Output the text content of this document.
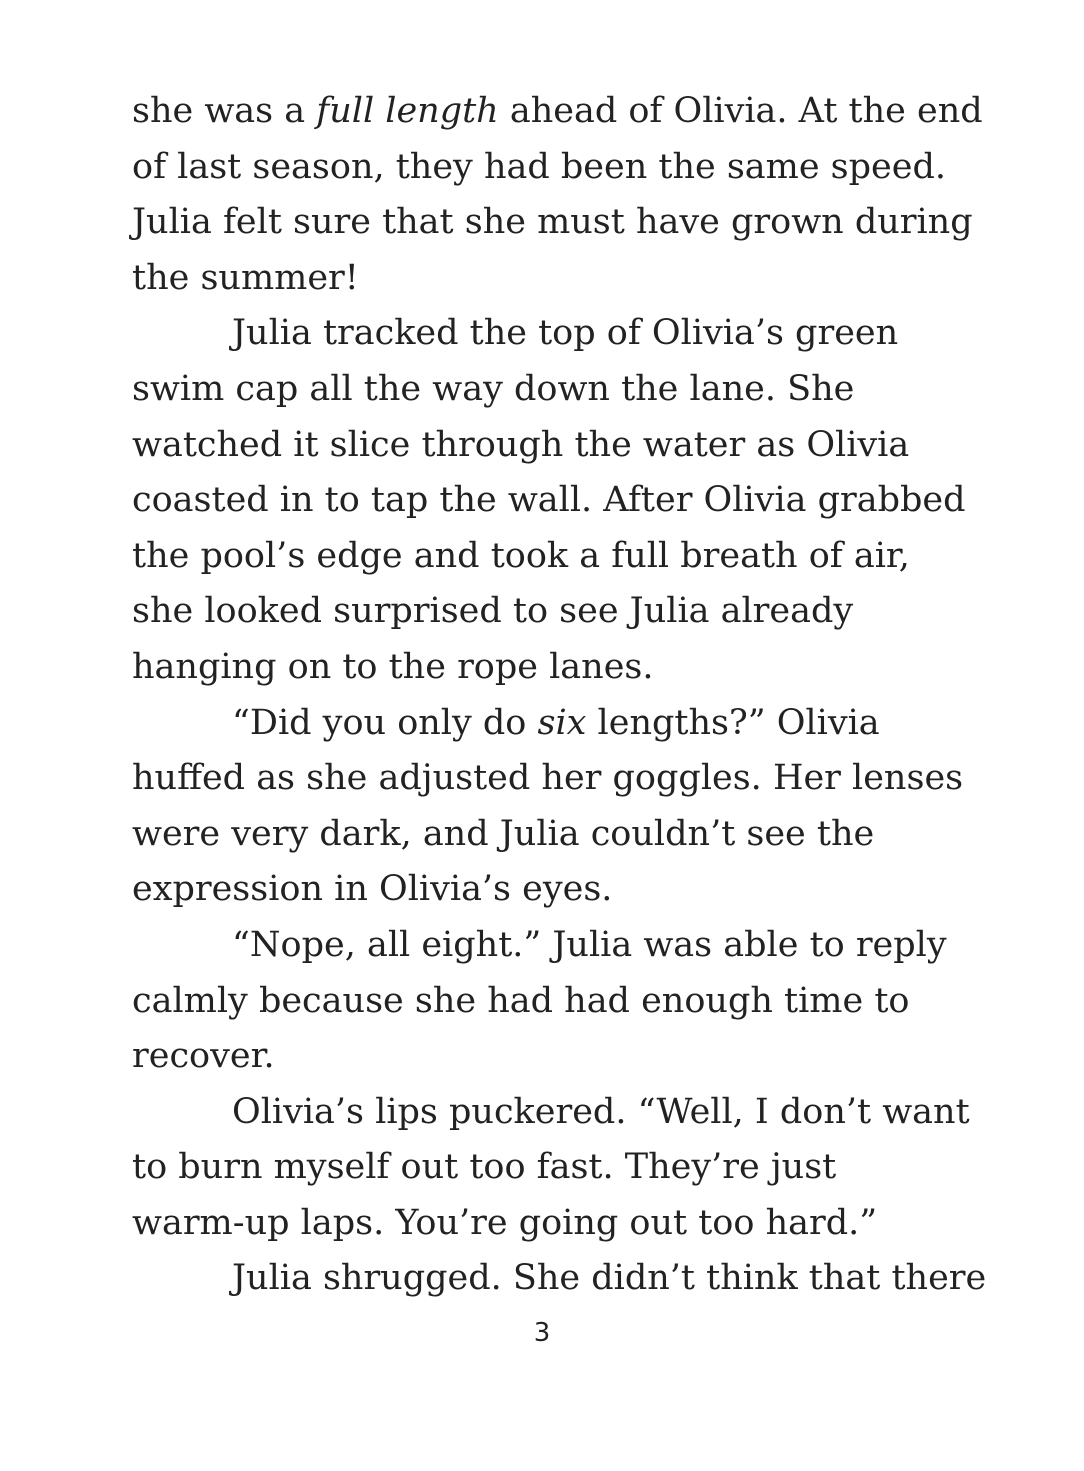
she was a full length ahead of Olivia. At the end
of last season, they had been the same speed.
Julia felt sure that she must have grown during
the summer!
Julia tracked the top of Olivia’s green
swim cap all the way down the lane. She
watched it slice through the water as Olivia
coasted in to tap the wall. After Olivia grabbed
the pool’s edge and took a full breath of air,
she looked surprised to see Julia already
hanging on to the rope lanes.
“Did you only do six lengths?” Olivia
huffed as she adjusted her goggles. Her lenses
were very dark, and Julia couldn’t see the
expression in Olivia’s eyes.
“Nope, all eight.” Julia was able to reply
calmly because she had had enough time to
recover.
Olivia’s lips puckered. “Well, I don’t want
to burn myself out too fast. They’re just
warm-up laps. You’re going out too hard.”
Julia shrugged. She didn’t think that there
3
